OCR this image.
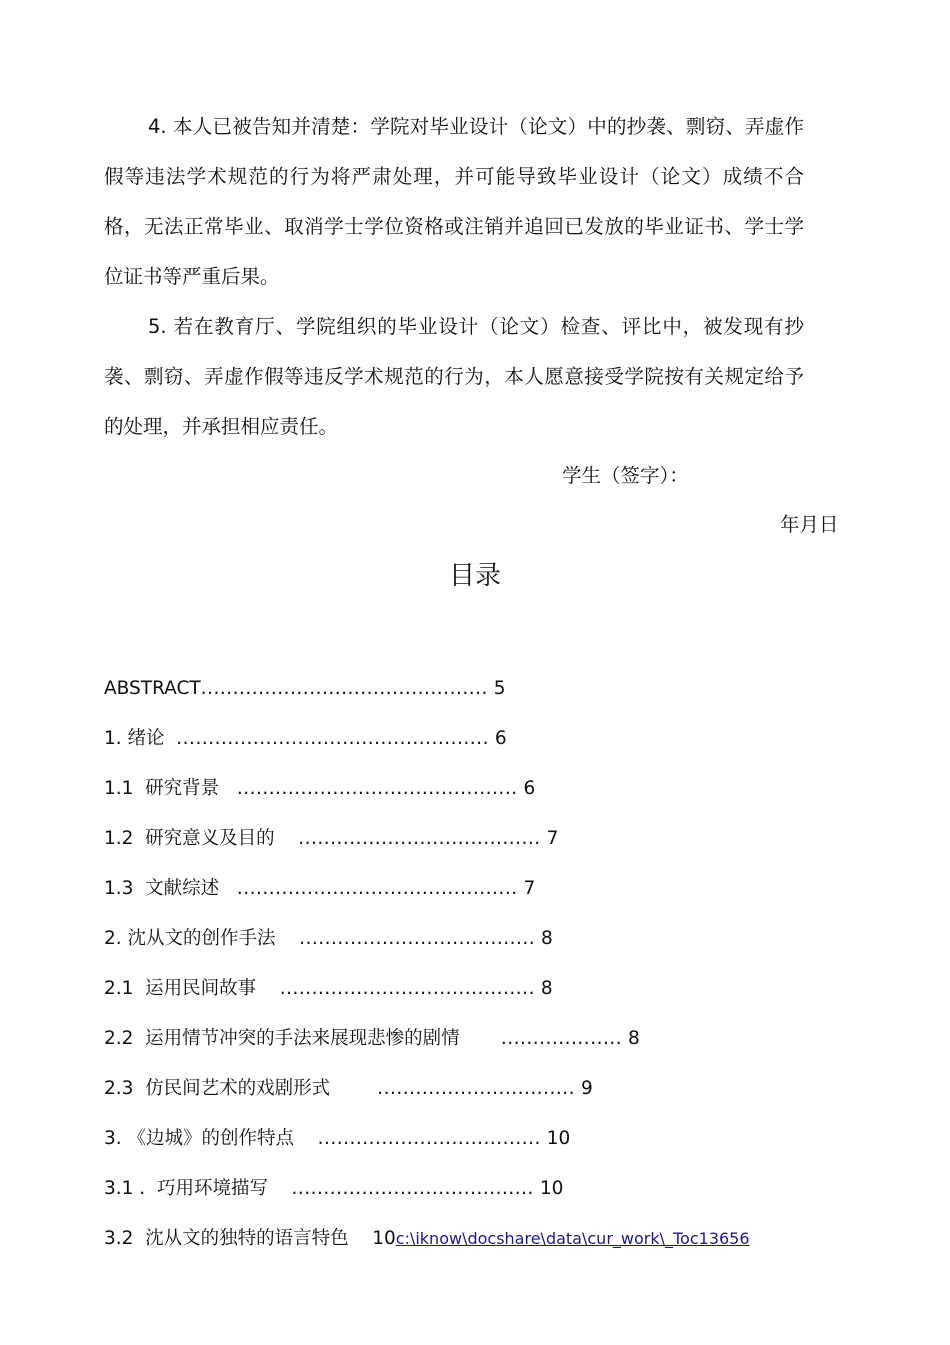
4. 本人已被告知并清楚：学院对毕业设计（论文）中的抄袭、剽窃、弄虚作假等违法学术规范的行为将严肃处理，并可能导致毕业设计（论文）成绩不合格，无法正常毕业、取消学士学位资格或注销并追回已发放的毕业证书、学士学位证书等严重后果。

5. 若在教育厅、学院组织的毕业设计（论文）检查、评比中，被发现有抄袭、剽窃、弄虚作假等违反学术规范的行为，本人愿意接受学院按有关规定给予的处理，并承担相应责任。

学生（签字）：
年月日
目录
ABSTRACT............................................. 5
1. 绪论  ................................................. 6
1.1  研究背景   ............................................ 6
1.2  研究意义及目的    ...................................... 7
1.3  文献综述   ............................................ 7
2. 沈从文的创作手法    ..................................... 8
2.1  运用民间故事    ........................................ 8
2.2  运用情节冲突的手法来展现悲惨的剧情       ................... 8
2.3  仿民间艺术的戏剧形式        ............................... 9
3. 《边城》的创作特点    ................................... 10
3.1 .  巧用环境描写    ...................................... 10
3.2  沈从文的独特的语言特色    10c:\iknow\docshare\data\cur_work\_Toc13656
